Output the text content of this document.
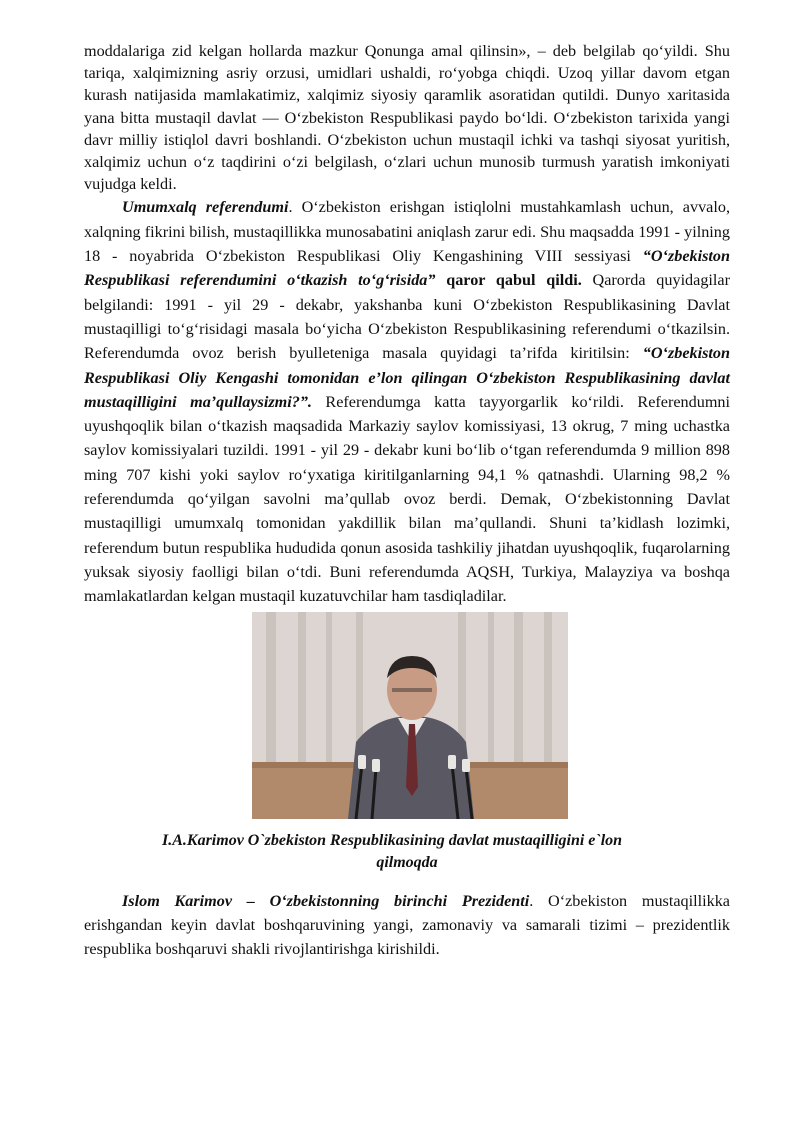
moddalariga zid kelgan hollarda mazkur Qonunga amal qilinsin», – deb belgilab qo‘yildi. Shu tariqa, xalqimizning asriy orzusi, umidlari ushaldi, ro‘yobga chiqdi. Uzoq yillar davom etgan kurash natijasida mamlakatimiz, xalqimiz siyosiy qaramlik asoratidan qutildi. Dunyo xaritasida yana bitta mustaqil davlat — O‘zbekiston Respublikasi paydo bo‘ldi. O‘zbekiston tarixida yangi davr milliy istiqlol davri boshlandi. O‘zbekiston uchun mustaqil ichki va tashqi siyosat yuritish, xalqimiz uchun o‘z taqdirini o‘zi belgilash, o‘zlari uchun munosib turmush yaratish imkoniyati vujudga keldi.

Umumxalq referendumi. O‘zbekiston erishgan istiqlolni mustahkamlash uchun, avvalo, xalqning fikrini bilish, mustaqillikka munosabatini aniqlash zarur edi. Shu maqsadda 1991 - yilning 18 - noyabrida O‘zbekiston Respublikasi Oliy Kengashining VIII sessiyasi “O‘zbekiston Respublikasi referendumini o‘tkazish to‘g‘risida” qaror qabul qildi. Qarorda quyidagilar belgilandi: 1991 - yil 29 - dekabr, yakshanba kuni O‘zbekiston Respublikasining Davlat mustaqilligi to‘g‘risidagi masala bo‘yicha O‘zbekiston Respublikasining referendumi o‘tkazilsin. Referendumda ovoz berish byulleteniga masala quyidagi ta’rifda kiritilsin: “O‘zbekiston Respublikasi Oliy Kengashi tomonidan e’lon qilingan O‘zbekiston Respublikasining davlat mustaqilligini ma’qullaysizmi?”. Referendumga katta tayyorgarlik ko‘rildi. Referendumni uyushqoqlik bilan o‘tkazish maqsadida Markaziy saylov komissiyasi, 13 okrug, 7 ming uchastka saylov komissiyalari tuzildi. 1991 - yil 29 - dekabr kuni bo‘lib o‘tgan referendumda 9 million 898 ming 707 kishi yoki saylov ro‘yxatiga kiritilganlarning 94,1 % qatnashdi. Ularning 98,2 % referendumda qo‘yilgan savolni ma’qullab ovoz berdi. Demak, O‘zbekistonning Davlat mustaqilligi umumxalq tomonidan yakdillik bilan ma’qullandi. Shuni ta’kidlash lozimki, referendum butun respublika hududida qonun asosida tashkiliy jihatdan uyushqoqlik, fuqarolarning yuksak siyosiy faolligi bilan o‘tdi. Buni referendumda AQSH, Turkiya, Malayziya va boshqa mamlakatlardan kelgan mustaqil kuzatuvchilar ham tasdiqladilar.

I.A.Karimov O`zbekiston Respublikasining davlat mustaqilligini e`lon
qilmoqda

Islom Karimov – O‘zbekistonning birinchi Prezidenti. O‘zbekiston mustaqillikka erishgandan keyin davlat boshqaruvining yangi, zamonaviy va samarali tizimi – prezidentlik respublika boshqaruvi shakli rivojlantirishga kirishildi.
